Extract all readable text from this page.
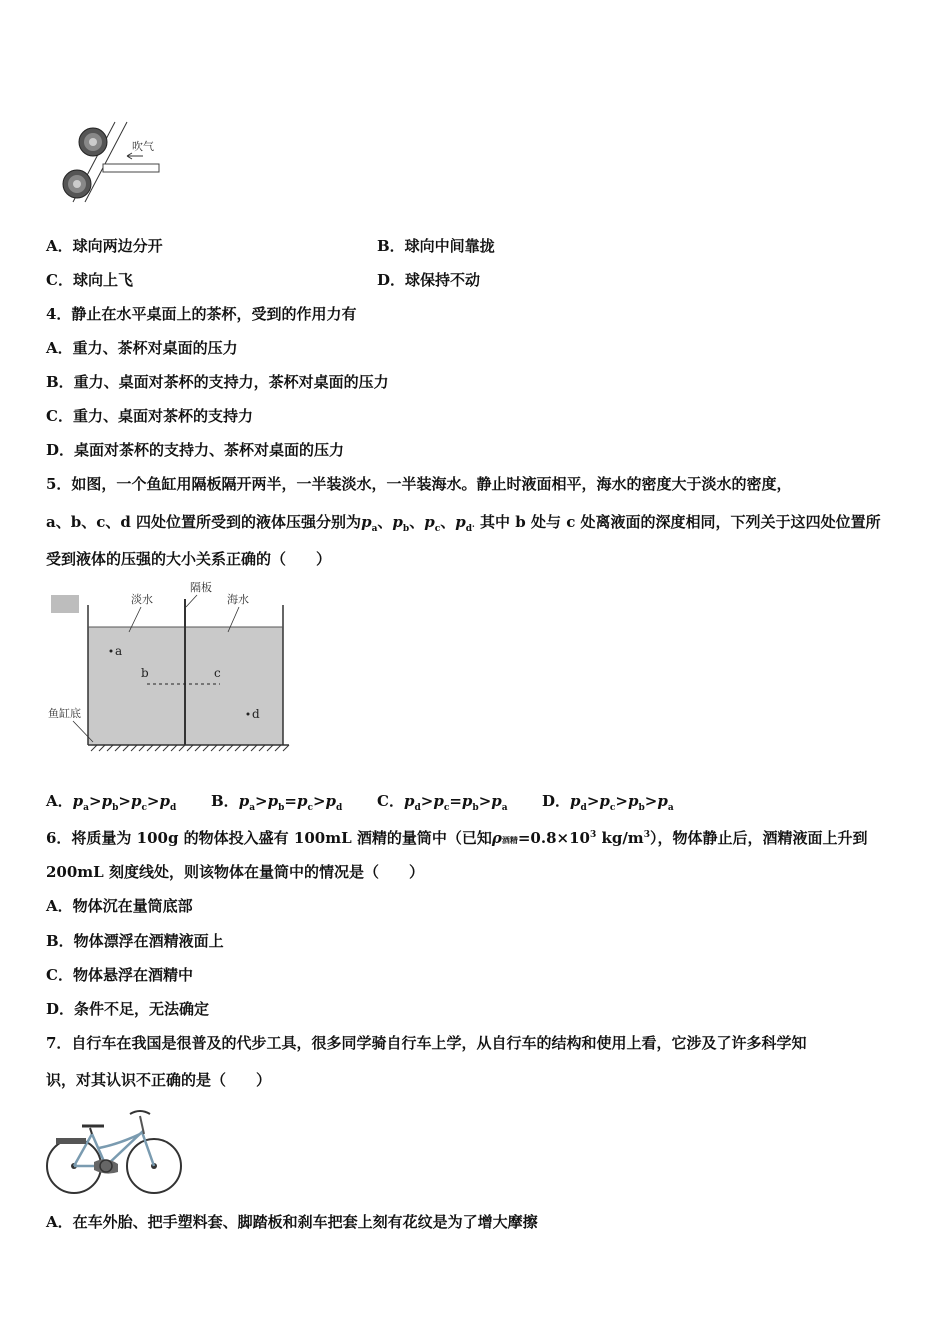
吹气
A．球向两边分开	B．球向中间靠拢
C．球向上飞	D．球保持不动
4．静止在水平桌面上的茶杯，受到的作用力有
A．重力、茶杯对桌面的压力
B．重力、桌面对茶杯的支持力，茶杯对桌面的压力
C．重力、桌面对茶杯的支持力
D．桌面对茶杯的支持力、茶杯对桌面的压力
5．如图，一个鱼缸用隔板隔开两半，一半装淡水，一半装海水。静止时液面相平，海水的密度大于淡水的密度，
a、b、c、d 四处位置所受到的液体压强分别为$p_a$、$p_b$、$p_c$、$p_d$. 其中 b 处与 c 处离液面的深度相同，下列关于这四处位置所
受到液体的压强的大小关系正确的（　　）
淡水
隔板
海水
a
b	c
d
鱼缸底
A．$p_a>p_b>p_c>p_d$ B．$p_a>p_b=p_c>p_d$ C．$p_d>p_c=p_b>p_a$ D．$p_d>p_c>p_b>p_a$
6．将质量为 100g 的物体投入盛有 100mL 酒精的量筒中（已知ρ酒精$=0.8\times 10^3$ $kg/m^3$），物体静止后，酒精液面上升到
200mL 刻度线处，则该物体在量筒中的情况是（　　）
A．物体沉在量筒底部
B．物体漂浮在酒精液面上
C．物体悬浮在酒精中
D．条件不足，无法确定
7．自行车在我国是很普及的代步工具，很多同学骑自行车上学，从自行车的结构和使用上看，它涉及了许多科学知
识，对其认识不正确的是（　　）
A．在车外胎、把手塑料套、脚踏板和刹车把套上刻有花纹是为了增大摩擦
